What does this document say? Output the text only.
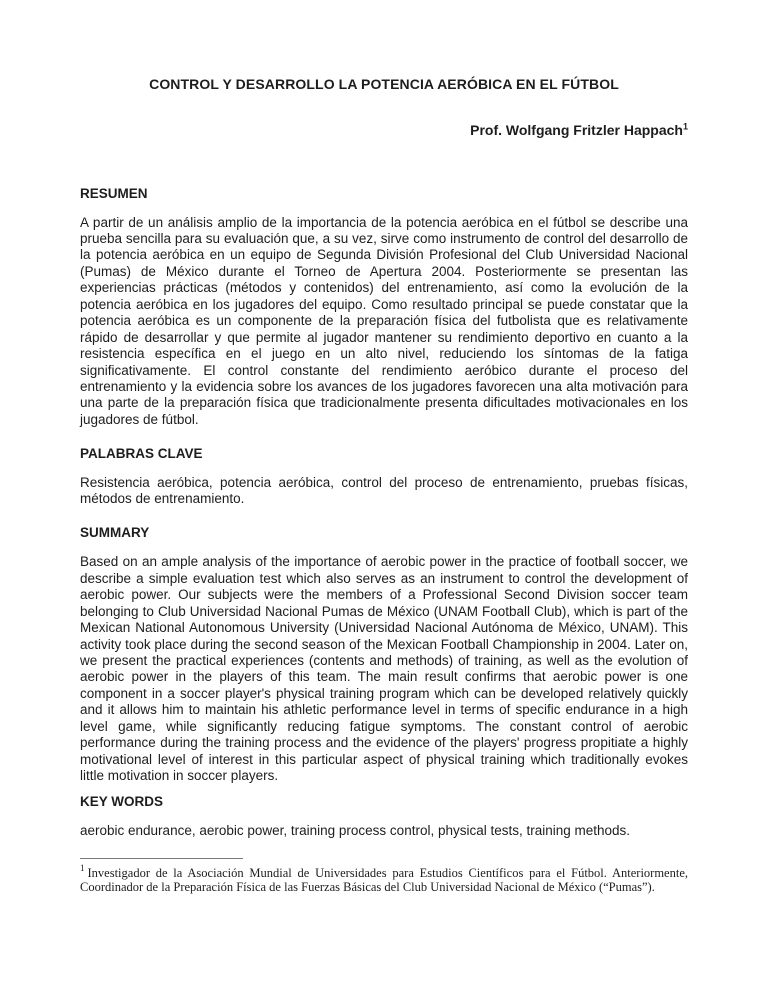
CONTROL Y DESARROLLO LA POTENCIA AERÓBICA EN EL FÚTBOL

Prof. Wolfgang Fritzler Happach$^1$

RESUMEN

A partir de un análisis amplio de la importancia de la potencia aeróbica en el fútbol se describe una prueba sencilla para su evaluación que, a su vez, sirve como instrumento de control del desarrollo de la potencia aeróbica en un equipo de Segunda División Profesional del Club Universidad Nacional (Pumas) de México durante el Torneo de Apertura 2004. Posteriormente se presentan las experiencias prácticas (métodos y contenidos) del entrenamiento, así como la evolución de la potencia aeróbica en los jugadores del equipo. Como resultado principal se puede constatar que la potencia aeróbica es un componente de la preparación física del futbolista que es relativamente rápido de desarrollar y que permite al jugador mantener su rendimiento deportivo en cuanto a la resistencia específica en el juego en un alto nivel, reduciendo los síntomas de la fatiga significativamente. El control constante del rendimiento aeróbico durante el proceso del entrenamiento y la evidencia sobre los avances de los jugadores favorecen una alta motivación para una parte de la preparación física que tradicionalmente presenta dificultades motivacionales en los jugadores de fútbol.

PALABRAS CLAVE

Resistencia aeróbica, potencia aeróbica, control del proceso de entrenamiento, pruebas físicas, métodos de entrenamiento.

SUMMARY

Based on an ample analysis of the importance of aerobic power in the practice of football soccer, we describe a simple evaluation test which also serves as an instrument to control the development of aerobic power. Our subjects were the members of a Professional Second Division soccer team belonging to Club Universidad Nacional Pumas de México (UNAM Football Club), which is part of the Mexican National Autonomous University (Universidad Nacional Autónoma de México, UNAM). This activity took place during the second season of the Mexican Football Championship in 2004. Later on, we present the practical experiences (contents and methods) of training, as well as the evolution of aerobic power in the players of this team. The main result confirms that aerobic power is one component in a soccer player's physical training program which can be developed relatively quickly and it allows him to maintain his athletic performance level in terms of specific endurance in a high level game, while significantly reducing fatigue symptoms. The constant control of aerobic performance during the training process and the evidence of the players' progress propitiate a highly motivational level of interest in this particular aspect of physical training which traditionally evokes little motivation in soccer players.

KEY WORDS

aerobic endurance, aerobic power, training process control, physical tests, training methods.

$^1$ Investigador de la Asociación Mundial de Universidades para Estudios Científicos para el Fútbol. Anteriormente, Coordinador de la Preparación Física de las Fuerzas Básicas del Club Universidad Nacional de México (“Pumas”).
